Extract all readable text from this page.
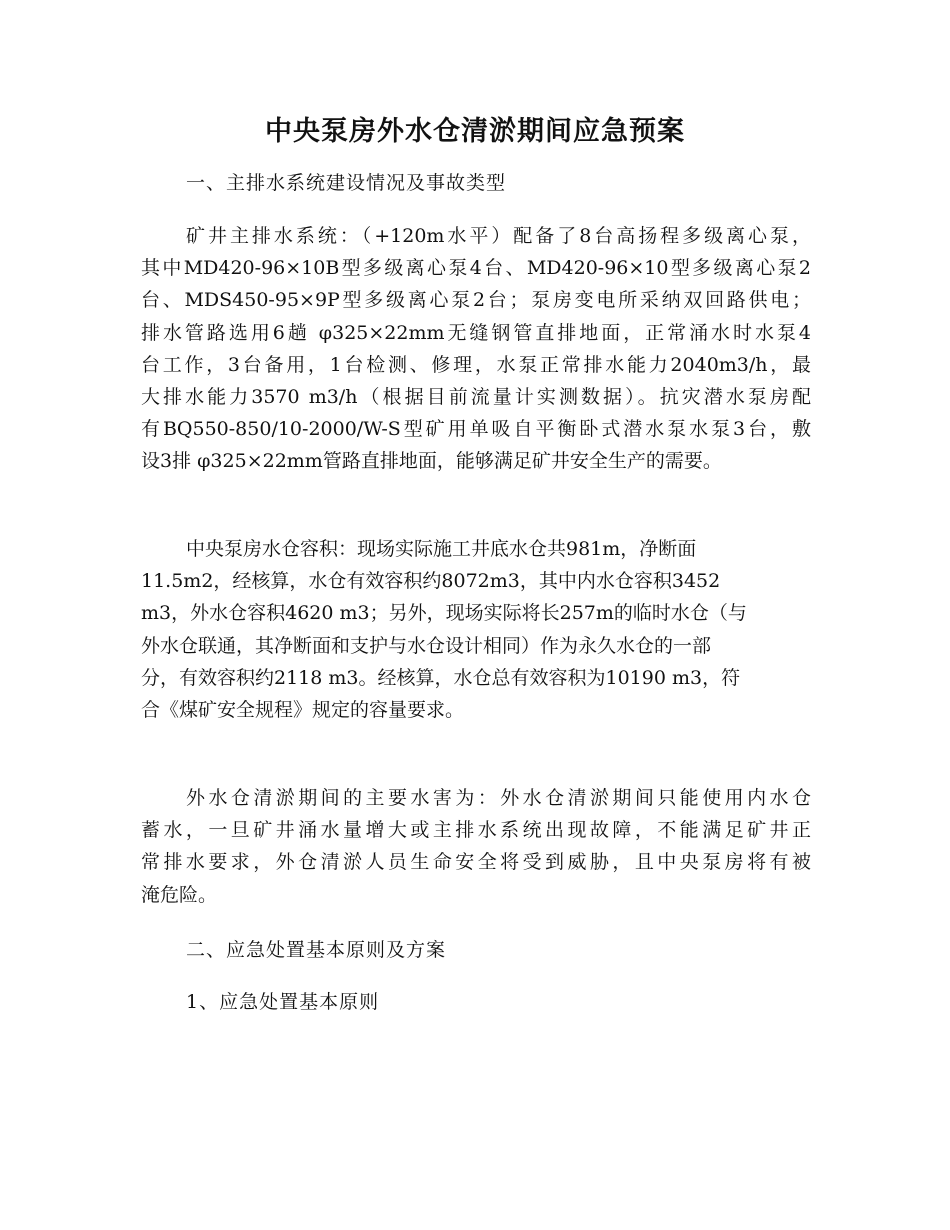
中央泵房外水仓清淤期间应急预案
一、主排水系统建设情况及事故类型
矿井主排水系统：（+120m水平）配备了8台高扬程多级离心泵，
其中MD420-96×10B型多级离心泵4台、MD420-96×10型多级离心泵2
台、MDS450-95×9P型多级离心泵2台；泵房变电所采纳双回路供电；
排水管路选用6趟 φ325×22mm无缝钢管直排地面，正常涌水时水泵4
台工作，3台备用，1台检测、修理，水泵正常排水能力2040m3/h，最
大排水能力3570 m3/h（根据目前流量计实测数据）。抗灾潜水泵房配
有BQ550-850/10-2000/W-S型矿用单吸自平衡卧式潜水泵水泵3台，敷
设3排 φ325×22mm管路直排地面，能够满足矿井安全生产的需要。
中央泵房水仓容积：现场实际施工井底水仓共981m，净断面
11.5m2，经核算，水仓有效容积约8072m3，其中内水仓容积3452
m3，外水仓容积4620 m3；另外，现场实际将长257m的临时水仓（与
外水仓联通，其净断面和支护与水仓设计相同）作为永久水仓的一部
分，有效容积约2118 m3。经核算，水仓总有效容积为10190 m3，符
合《煤矿安全规程》规定的容量要求。
外水仓清淤期间的主要水害为：外水仓清淤期间只能使用内水仓
蓄水，一旦矿井涌水量增大或主排水系统出现故障，不能满足矿井正
常排水要求，外仓清淤人员生命安全将受到威胁，且中央泵房将有被
淹危险。
二、应急处置基本原则及方案
1、应急处置基本原则
